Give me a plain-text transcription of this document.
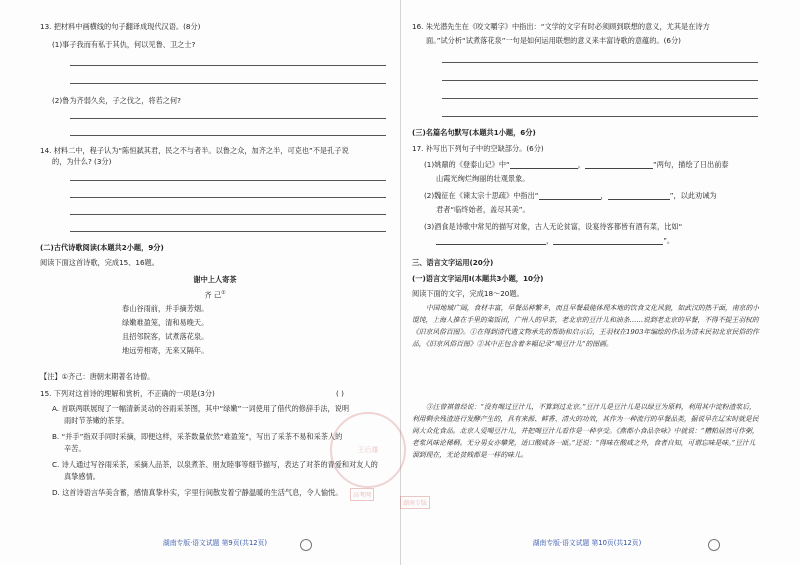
13. 把材料中画横线的句子翻译成现代汉语。(8分)
(1)事子我而有私于其仇，何以见鲁、卫之士?
(2)鲁为齐弱久矣，子之伐之，将若之何?
14. 材料二中，程子认为“陈恒弑其君，民之不与者半。以鲁之众，加齐之半，可克也”不是孔子说
的，为什么? (3分)
(二)古代诗歌阅读(本题共2小题，9分)
阅读下面这首诗歌，完成15、16题。
谢中上人寄茶
齐 己①
春山谷雨前，并手摘芳烟。
绿嫩难盈笼，清和易晚天。
且招邻院客，试煮落花泉。
地远劳相寄，无来又隔年。
【注】①齐己：唐朝末期著名诗僧。
15. 下列对这首诗的理解和赏析，不正确的一项是(3分)	( )
A. 首联两联展现了一幅清新灵动的谷雨采茶图，其中“绿嫩”一词使用了借代的修辞手法，说明
雨时节茶嫩的茶芽。
B. “并手”指双手同时采摘，即便这样，采茶数量依然“难盈笼”，写出了采茶不易和采茶人的
辛苦。
C. 诗人通过写谷雨采茶，采摘人品茶，以泉煮茶、朋友睦事等细节描写，表达了对茶的青爱和对友人的
真挚感情。
D. 这首诗语言华美含蓄，感情真挚朴实，字里行间散发着宁静温暖的生活气息，令人愉悦。
湖南专版·语文试题 第9页(共12页)
16. 朱光潜先生在《咬文嚼字》中指出：“文学的文字有时必须顾到联想的意义，尤其是在诗方
面。”试分析“试煮落花泉”一句是如何运用联想的意义来丰富诗歌的意蕴的。(6分)
(三)名篇名句默写(本题共1小题，6分)
17. 补写出下列句子中的空缺部分。(6分)
(1)姚鼐的《登泰山记》中“	，	”两句，描绘了日出前泰
山霞光绚烂绚丽的壮观景象。
(2)魏征在《谏太宗十思疏》中指出“	，	”，以此劝诫为
君者“临终始者，盖尽其美”。
(3)酒食是诗歌中常见的描写对象，古人无论贫富，设宴待客都皆有酒有菜，比如“
，	”。
三、语言文字运用(20分)
(一)语言文字运用Ⅰ(本题共3小题，10分)
阅读下面的文字，完成18～20题。
中国地域广阔，食材丰富，早餐品种繁多，而且早餐最能体现本地的饮食文化风貌，如武汉的热干面，南京的小馄饨，上海人推在手里的粢饭团，广州人的早茶，老北京的豆汁儿和油条……说到老北京的早餐，不得不提王羽权的《旧京风俗百图》。①在得到清代遗文物承先的帮助和启示后，王羽权在1903年编绘的作品为清末民初北京民俗的作品，《旧京风俗百图》②其中正包含着多幅记录“喝豆汁儿”的图画。
③汪曾祺曾经说：“没有喝过豆汁儿，不算到过北京。”豆汁儿是豆汁儿是以绿豆为原料，利用其中淀粉渣浆后，利用剩余残渣进行发酵产生的，具有来源、鲜香、清火的功效，其作为一种流行的早餐品类，据说早在辽宋时就是民间大众化食品。北京人爱喝豆汁儿，并把喝豆汁儿看作是一种享受。《燕都小食品杂咏》中就说：“糟粕居然可作粥，老浆风味论稀稠。无分男女亦攀凳，适口酸咸各一瓯。”还说：“得味在酸咸之外，食者自知，可谓忘味是味。”豆汁儿溜到现在，无论贫贱都是一样的味儿。
湖南专版·语文试题 第10页(共12页)
王后雄
高考网
湖南专版
